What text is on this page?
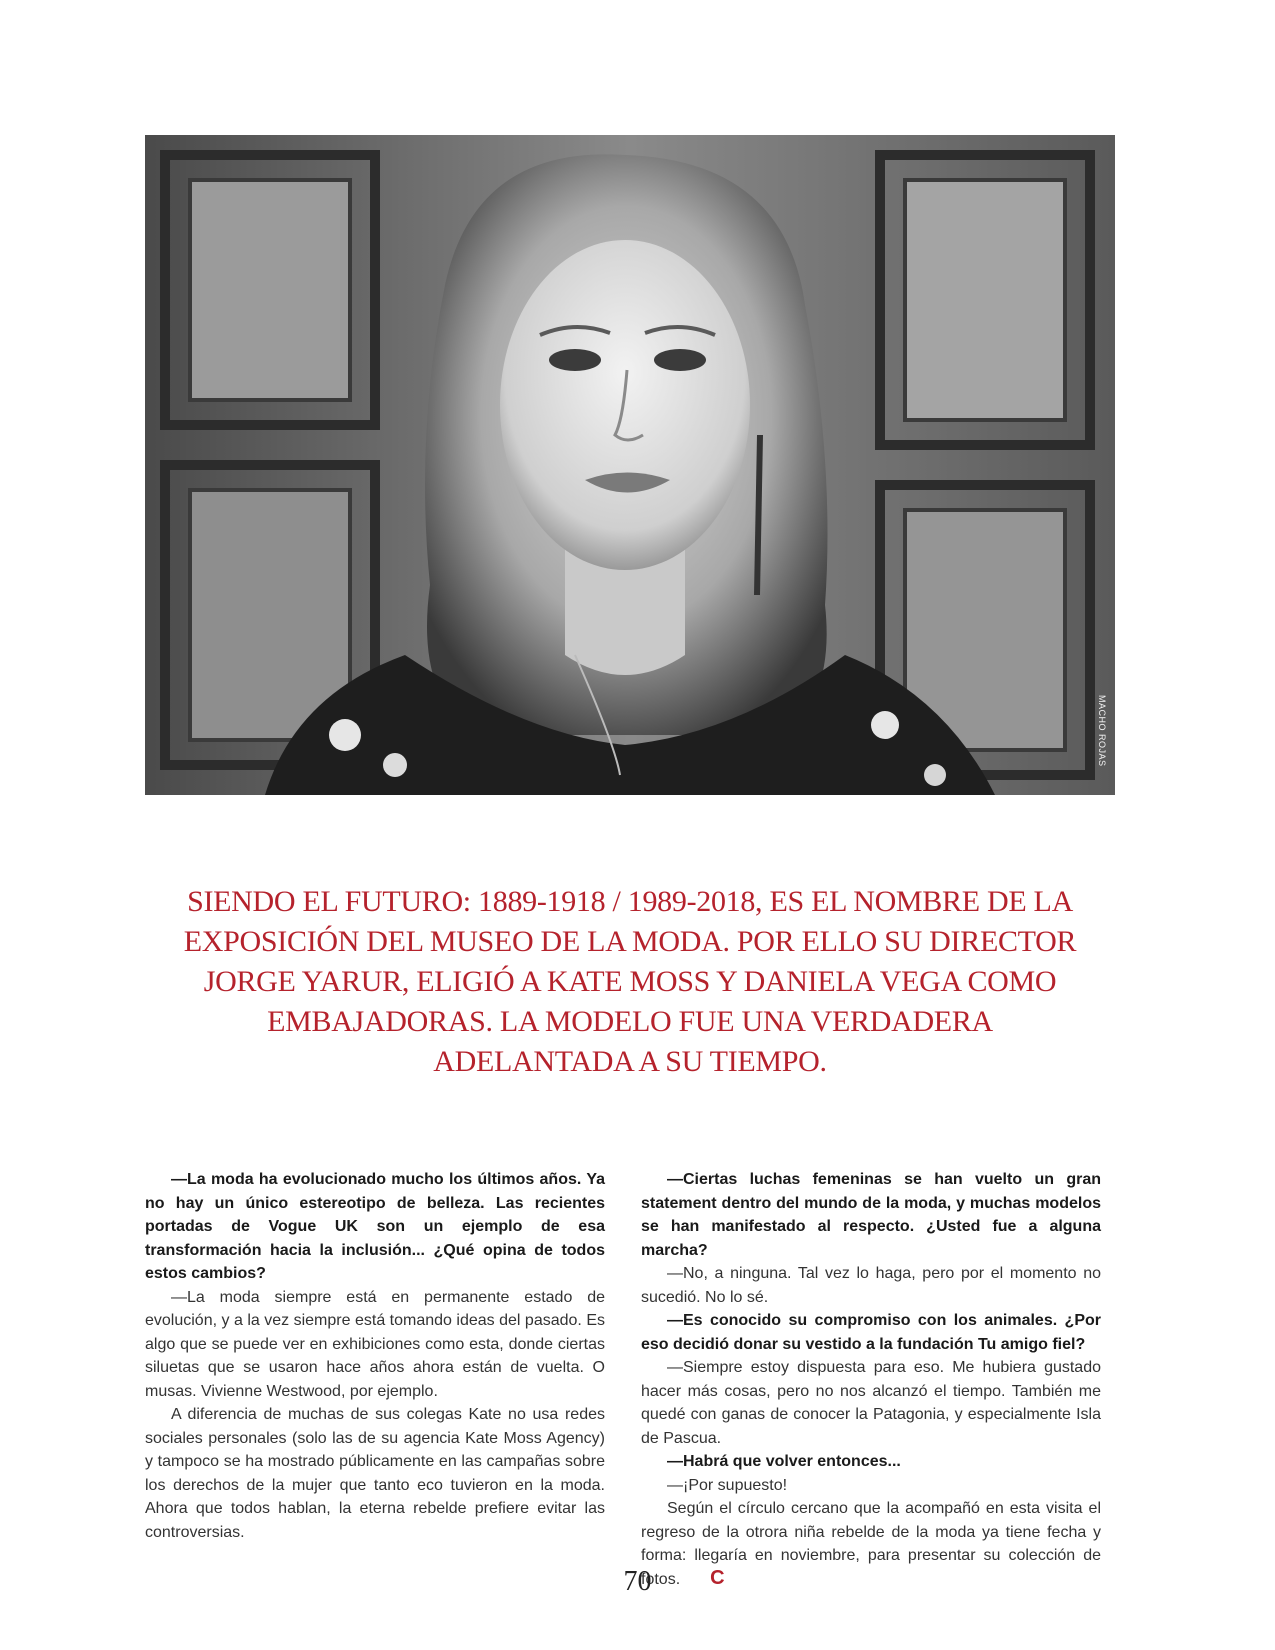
MACHO ROJAS

SIENDO EL FUTURO: 1889-1918 / 1989-2018, ES EL NOMBRE DE LA EXPOSICIÓN DEL MUSEO DE LA MODA. POR ELLO SU DIRECTOR JORGE YARUR, ELIGIÓ A KATE MOSS Y DANIELA VEGA COMO EMBAJADORAS. LA MODELO FUE UNA VERDADERA ADELANTADA A SU TIEMPO.

—La moda ha evolucionado mucho los últimos años. Ya no hay un único estereotipo de belleza. Las recientes portadas de Vogue UK son un ejemplo de esa transformación hacia la inclusión... ¿Qué opina de todos estos cambios?

—La moda siempre está en permanente estado de evolución, y a la vez siempre está tomando ideas del pasado. Es algo que se puede ver en exhibiciones como esta, donde ciertas siluetas que se usaron hace años ahora están de vuelta. O musas. Vivienne Westwood, por ejemplo.

A diferencia de muchas de sus colegas Kate no usa redes sociales personales (solo las de su agencia Kate Moss Agency) y tampoco se ha mostrado públicamente en las campañas sobre los derechos de la mujer que tanto eco tuvieron en la moda. Ahora que todos hablan, la eterna rebelde prefiere evitar las controversias.

—Ciertas luchas femeninas se han vuelto un gran statement dentro del mundo de la moda, y muchas modelos se han manifestado al respecto. ¿Usted fue a alguna marcha?

—No, a ninguna. Tal vez lo haga, pero por el momento no sucedió. No lo sé.

—Es conocido su compromiso con los animales. ¿Por eso decidió donar su vestido a la fundación Tu amigo fiel?

—Siempre estoy dispuesta para eso. Me hubiera gustado hacer más cosas, pero no nos alcanzó el tiempo. También me quedé con ganas de conocer la Patagonia, y especialmente Isla de Pascua.

—Habrá que volver entonces...

—¡Por supuesto!

Según el círculo cercano que la acompañó en esta visita el regreso de la otrora niña rebelde de la moda ya tiene fecha y forma: llegaría en noviembre, para presentar su colección de fotos. C

70
